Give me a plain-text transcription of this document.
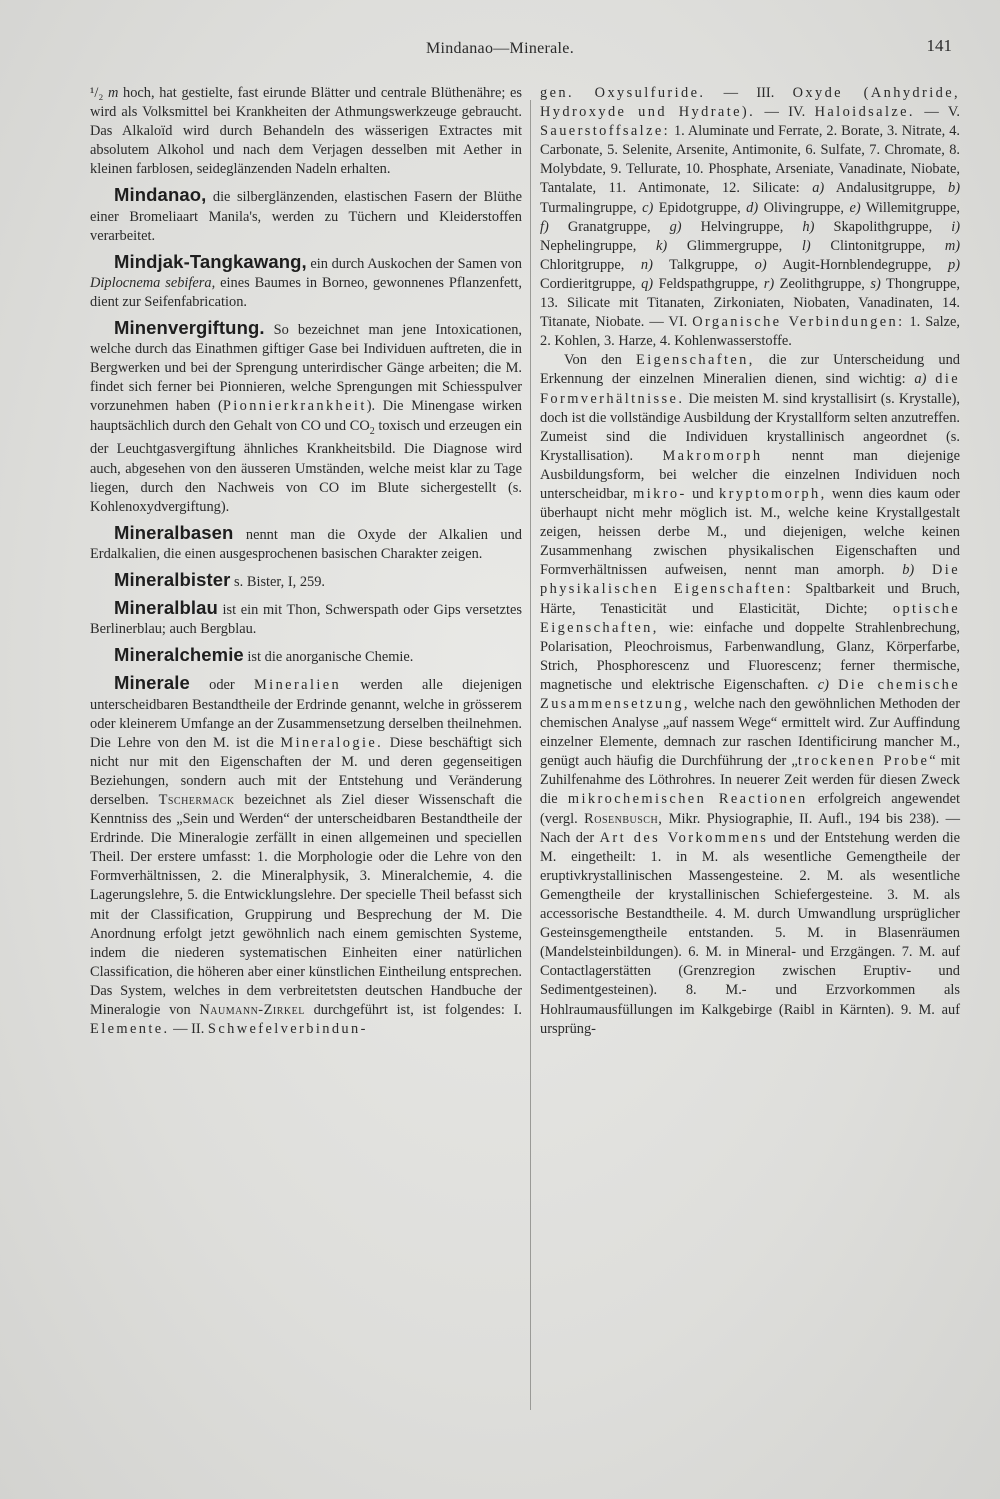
Mindanao—Minerale.	141

¹/₂ m hoch, hat gestielte, fast eirunde Blätter und centrale Blüthenähre; es wird als Volksmittel bei Krankheiten der Athmungswerkzeuge gebraucht. Das Alkaloïd wird durch Behandeln des wässerigen Extractes mit absolutem Alkohol und nach dem Verjagen desselben mit Aether in kleinen farblosen, seideglänzenden Nadeln erhalten.

Mindanao, die silberglänzenden, elastischen Fasern der Blüthe einer Bromeliaart Manila's, werden zu Tüchern und Kleiderstoffen verarbeitet.

Mindjak-Tangkawang, ein durch Auskochen der Samen von Diplocnema sebifera, eines Baumes in Borneo, gewonnenes Pflanzenfett, dient zur Seifenfabrication.

Minenvergiftung. So bezeichnet man jene Intoxicationen, welche durch das Einathmen giftiger Gase bei Individuen auftreten, die in Bergwerken und bei der Sprengung unterirdischer Gänge arbeiten; die M. findet sich ferner bei Pionnieren, welche Sprengungen mit Schiesspulver vorzunehmen haben (Pionnierkrankheit). Die Minengase wirken hauptsächlich durch den Gehalt von CO und $CO_2$ toxisch und erzeugen ein der Leuchtgasvergiftung ähnliches Krankheitsbild. Die Diagnose wird auch, abgesehen von den äusseren Umständen, welche meist klar zu Tage liegen, durch den Nachweis von CO im Blute sichergestellt (s. Kohlenoxydvergiftung).

Mineralbasen nennt man die Oxyde der Alkalien und Erdalkalien, die einen ausgesprochenen basischen Charakter zeigen.

Mineralbister s. Bister, I, 259.

Mineralblau ist ein mit Thon, Schwerspath oder Gips versetztes Berlinerblau; auch Bergblau.

Mineralchemie ist die anorganische Chemie.

Minerale oder Mineralien werden alle diejenigen unterscheidbaren Bestandtheile der Erdrinde genannt, welche in grösserem oder kleinerem Umfange an der Zusammensetzung derselben theilnehmen. Die Lehre von den M. ist die Mineralogie. Diese beschäftigt sich nicht nur mit den Eigenschaften der M. und deren gegenseitigen Beziehungen, sondern auch mit der Entstehung und Veränderung derselben. Tschermack bezeichnet als Ziel dieser Wissenschaft die Kenntniss des „Sein und Werden“ der unterscheidbaren Bestandtheile der Erdrinde. Die Mineralogie zerfällt in einen allgemeinen und speciellen Theil. Der erstere umfasst: 1. die Morphologie oder die Lehre von den Formverhältnissen, 2. die Mineralphysik, 3. Mineralchemie, 4. die Lagerungslehre, 5. die Entwicklungslehre. Der specielle Theil befasst sich mit der Classification, Gruppirung und Besprechung der M. Die Anordnung erfolgt jetzt gewöhnlich nach einem gemischten Systeme, indem die niederen systematischen Einheiten einer natürlichen Classification, die höheren aber einer künstlichen Eintheilung entsprechen. Das System, welches in dem verbreitetsten deutschen Handbuche der Mineralogie von Naumann-Zirkel durchgeführt ist, ist folgendes: I. Elemente. — II. Schwefelverbindun-

gen. Oxysulfuride. — III. Oxyde (Anhydride, Hydroxyde und Hydrate). — IV. Haloidsalze. — V. Sauerstoffsalze: 1. Aluminate und Ferrate, 2. Borate, 3. Nitrate, 4. Carbonate, 5. Selenite, Arsenite, Antimonite, 6. Sulfate, 7. Chromate, 8. Molybdate, 9. Tellurate, 10. Phosphate, Arseniate, Vanadinate, Niobate, Tantalate, 11. Antimonate, 12. Silicate: a) Andalusitgruppe, b) Turmalingruppe, c) Epidotgruppe, d) Olivingruppe, e) Willemitgruppe, f) Granatgruppe, g) Helvingruppe, h) Skapolithgruppe, i) Nephelingruppe, k) Glimmergruppe, l) Clintonitgruppe, m) Chloritgruppe, n) Talkgruppe, o) Augit-Hornblendegruppe, p) Cordieritgruppe, q) Feldspathgruppe, r) Zeolithgruppe, s) Thongruppe, 13. Silicate mit Titanaten, Zirkoniaten, Niobaten, Vanadinaten, 14. Titanate, Niobate. — VI. Organische Verbindungen: 1. Salze, 2. Kohlen, 3. Harze, 4. Kohlenwasserstoffe.

Von den Eigenschaften, die zur Unterscheidung und Erkennung der einzelnen Mineralien dienen, sind wichtig: a) die Formverhältnisse. Die meisten M. sind krystallisirt (s. Krystalle), doch ist die vollständige Ausbildung der Krystallform selten anzutreffen. Zumeist sind die Individuen krystallinisch angeordnet (s. Krystallisation). Makromorph nennt man diejenige Ausbildungsform, bei welcher die einzelnen Individuen noch unterscheidbar, mikro- und kryptomorph, wenn dies kaum oder überhaupt nicht mehr möglich ist. M., welche keine Krystallgestalt zeigen, heissen derbe M., und diejenigen, welche keinen Zusammenhang zwischen physikalischen Eigenschaften und Formverhältnissen aufweisen, nennt man amorph. b) Die physikalischen Eigenschaften: Spaltbarkeit und Bruch, Härte, Tenasticität und Elasticität, Dichte; optische Eigenschaften, wie: einfache und doppelte Strahlenbrechung, Polarisation, Pleochroismus, Farbenwandlung, Glanz, Körperfarbe, Strich, Phosphorescenz und Fluorescenz; ferner thermische, magnetische und elektrische Eigenschaften. c) Die chemische Zusammensetzung, welche nach den gewöhnlichen Methoden der chemischen Analyse „auf nassem Wege“ ermittelt wird. Zur Auffindung einzelner Elemente, demnach zur raschen Identificirung mancher M., genügt auch häufig die Durchführung der „trockenen Probe“ mit Zuhilfenahme des Löthrohres. In neuerer Zeit werden für diesen Zweck die mikrochemischen Reactionen erfolgreich angewendet (vergl. Rosenbusch, Mikr. Physiographie, II. Aufl., 194 bis 238). — Nach der Art des Vorkommens und der Entstehung werden die M. eingetheilt: 1. in M. als wesentliche Gemengtheile der eruptivkrystallinischen Massengesteine. 2. M. als wesentliche Gemengtheile der krystallinischen Schiefergesteine. 3. M. als accessorische Bestandtheile. 4. M. durch Umwandlung ursprüglicher Gesteinsgemengtheile entstanden. 5. M. in Blasenräumen (Mandelsteinbildungen). 6. M. in Mineral- und Erzgängen. 7. M. auf Contactlagerstätten (Grenzregion zwischen Eruptiv- und Sedimentgesteinen). 8. M.- und Erzvorkommen als Hohlraumausfüllungen im Kalkgebirge (Raibl in Kärnten). 9. M. auf ursprüng-
